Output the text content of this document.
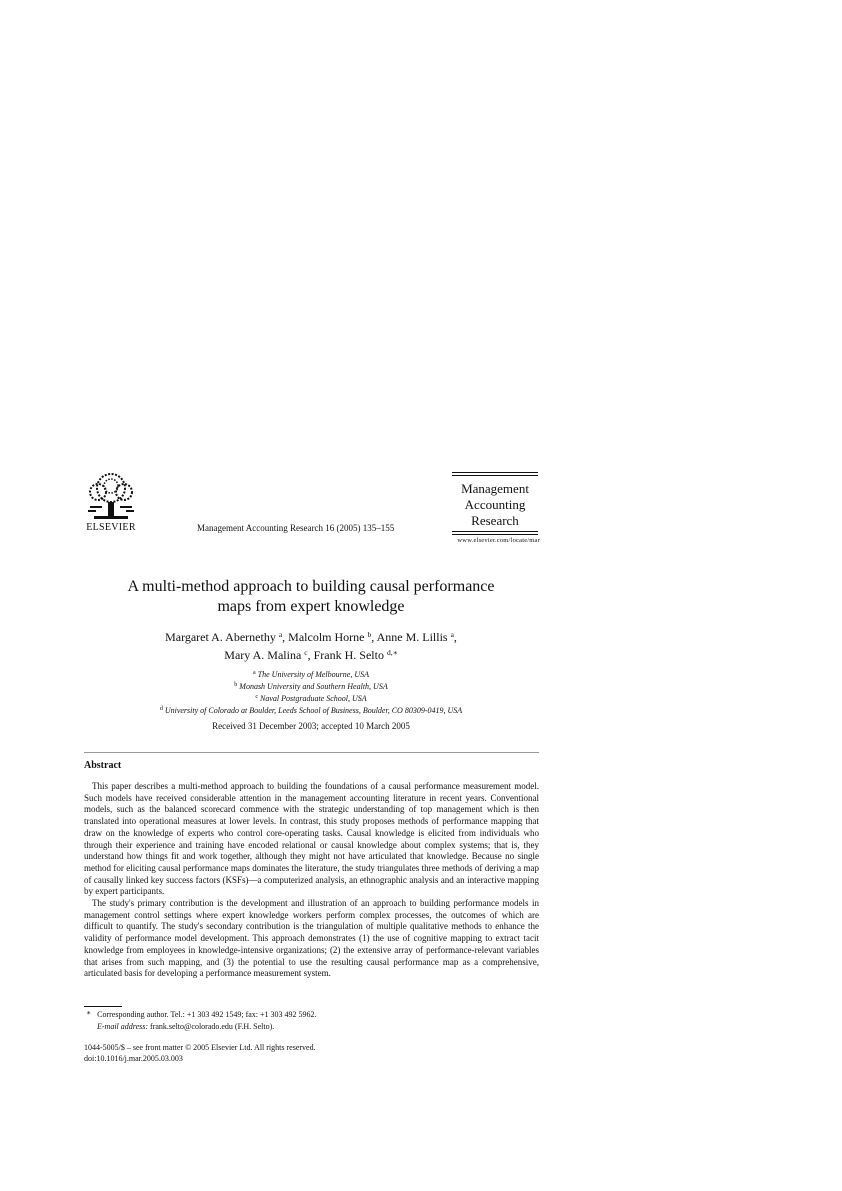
ELSEVIER	Management Accounting Research 16 (2005) 135–155
Management
Accounting
Research
www.elsevier.com/locate/mar
A multi-method approach to building causal performance
maps from expert knowledge
Margaret A. Abernethy $^a$, Malcolm Horne $^b$, Anne M. Lillis $^a$,
Mary A. Malina $^c$, Frank H. Selto $^{d,∗}$
$^a$ The University of Melbourne, USA
$^b$ Monash University and Southern Health, USA
$^c$ Naval Postgraduate School, USA
$^d$ University of Colorado at Boulder, Leeds School of Business, Boulder, CO 80309-0419, USA
Received 31 December 2003; accepted 10 March 2005
Abstract

This paper describes a multi-method approach to building the foundations of a causal performance measurement model. Such models have received considerable attention in the management accounting literature in recent years. Conventional models, such as the balanced scorecard commence with the strategic understanding of top management which is then translated into operational measures at lower levels. In contrast, this study proposes methods of performance mapping that draw on the knowledge of experts who control core-operating tasks. Causal knowledge is elicited from individuals who through their experience and training have encoded relational or causal knowledge about complex systems; that is, they understand how things fit and work together, although they might not have articulated that knowledge. Because no single method for eliciting causal performance maps dominates the literature, the study triangulates three methods of deriving a map of causally linked key success factors (KSFs)—a computerized analysis, an ethnographic analysis and an interactive mapping by expert participants.

The study's primary contribution is the development and illustration of an approach to building performance models in management control settings where expert knowledge workers perform complex processes, the outcomes of which are difficult to quantify. The study's secondary contribution is the triangulation of multiple qualitative methods to enhance the validity of performance model development. This approach demonstrates (1) the use of cognitive mapping to extract tacit knowledge from employees in knowledge-intensive organizations; (2) the extensive array of performance-relevant variables that arises from such mapping, and (3) the potential to use the resulting causal performance map as a comprehensive, articulated basis for developing a performance measurement system.

∗ Corresponding author. Tel.: +1 303 492 1549; fax: +1 303 492 5962.
E-mail address: frank.selto@colorado.edu (F.H. Selto).
1044-5005/$ – see front matter © 2005 Elsevier Ltd. All rights reserved.
doi:10.1016/j.mar.2005.03.003
